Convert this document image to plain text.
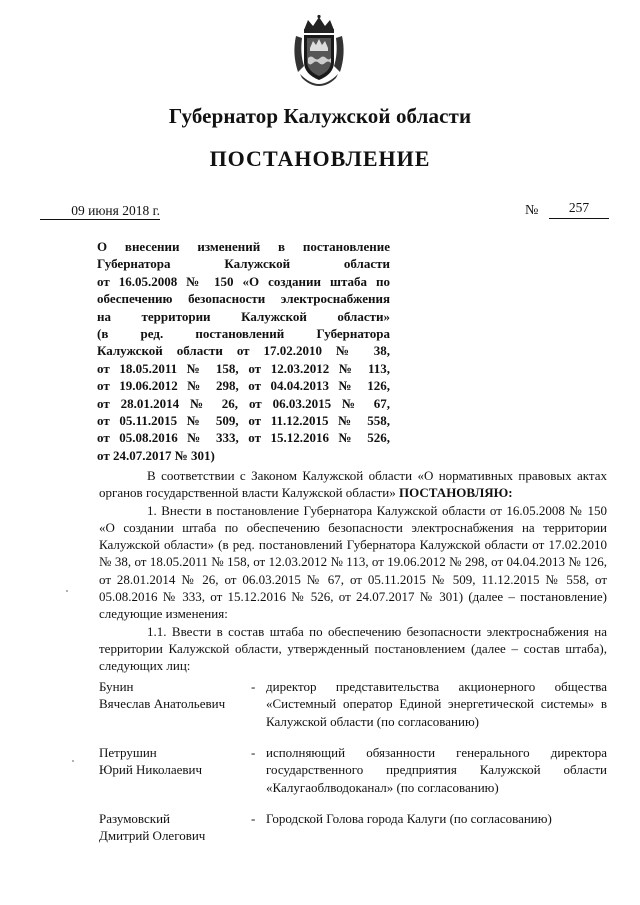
Губернатор Калужской области
ПОСТАНОВЛЕНИЕ
09 июня 2018 г.	№	257
О внесении изменений в постановление
Губернатора Калужской области
от 16.05.2008 № 150 «О создании штаба по
обеспечению безопасности электроснабжения
на территории Калужской области»
(в ред. постановлений Губернатора
Калужской области от 17.02.2010 № 38,
от 18.05.2011 № 158, от 12.03.2012 № 113,
от 19.06.2012 № 298, от 04.04.2013 № 126,
от 28.01.2014 № 26, от 06.03.2015 № 67,
от 05.11.2015 № 509, от 11.12.2015 № 558,
от 05.08.2016 № 333, от 15.12.2016 № 526,
от 24.07.2017 № 301)

В соответствии с Законом Калужской области «О нормативных правовых актах органов государственной власти Калужской области» ПОСТАНОВЛЯЮ:

1. Внести в постановление Губернатора Калужской области от 16.05.2008 № 150 «О создании штаба по обеспечению безопасности электроснабжения на территории Калужской области» (в ред. постановлений Губернатора Калужской области от 17.02.2010 № 38, от 18.05.2011 № 158, от 12.03.2012 № 113, от 19.06.2012 № 298, от 04.04.2013 № 126, от 28.01.2014 № 26, от 06.03.2015 № 67, от 05.11.2015 № 509, 11.12.2015 № 558, от 05.08.2016 № 333, от 15.12.2016 № 526, от 24.07.2017 № 301) (далее – постановление) следующие изменения:

1.1. Ввести в состав штаба по обеспечению безопасности электроснабжения на территории Калужской области, утвержденный постановлением (далее – состав штаба), следующих лиц:

Бунин
Вячеслав Анатольевич
- директор представительства акционерного общества «Системный оператор Единой энергетической системы» в Калужской области (по согласованию)
Петрушин
Юрий Николаевич
- исполняющий обязанности генерального директора государственного предприятия Калужской области «Калугаоблводоканал» (по согласованию)
Разумовский
Дмитрий Олегович
- Городской Голова города Калуги (по согласованию)
